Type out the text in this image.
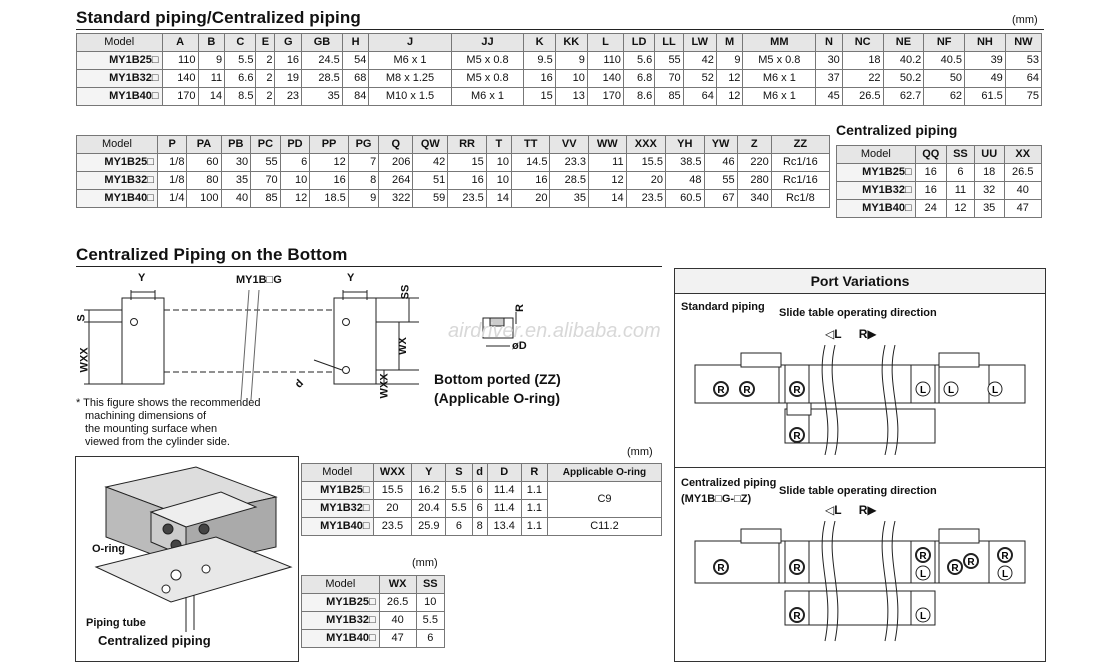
Standard piping/Centralized piping	(mm)
Model	A	B	C	E	G	GB	H	J	JJ	K	KK	L	LD	LL	LW	M	MM	N	NC	NE	NF	NH	NW
MY1B25□	110	9	5.5	2	16	24.5	54	M6 x 1	M5 x 0.8	9.5	9	110	5.6	55	42	9	M5 x 0.8	30	18	40.2	40.5	39	53
MY1B32□	140	11	6.6	2	19	28.5	68	M8 x 1.25	M5 x 0.8	16	10	140	6.8	70	52	12	M6 x 1	37	22	50.2	50	49	64
MY1B40□	170	14	8.5	2	23	35	84	M10 x 1.5	M6 x 1	15	13	170	8.6	85	64	12	M6 x 1	45	26.5	62.7	62	61.5	75
Model	P	PA	PB	PC	PD	PP	PG	Q	QW	RR	T	TT	VV	WW	XXX	YH	YW	Z	ZZ
MY1B25□	1/8	60	30	55	6	12	7	206	42	15	10	14.5	23.3	11	15.5	38.5	46	220	Rc1/16
MY1B32□	1/8	80	35	70	10	16	8	264	51	16	10	16	28.5	12	20	48	55	280	Rc1/16
MY1B40□	1/4	100	40	85	12	18.5	9	322	59	23.5	14	20	35	14	23.5	60.5	67	340	Rc1/8
Centralized piping
Model	QQ	SS	UU	XX
MY1B25□	16	6	18	26.5
MY1B32□	16	11	32	40
MY1B40□	24	12	35	47
Centralized Piping on the Bottom
Y	MY1B□G	Y
SS
S
WXX
WX
WXX
d
R
øD
Bottom ported (ZZ)
(Applicable O-ring)
* This figure shows the recommended
machining dimensions of
the mounting surface when
viewed from the cylinder side.
O-ring
Piping tube
Centralized piping
(mm)
Model	WXX	Y	S	d	D	R	Applicable O-ring
MY1B25□	15.5	16.2	5.5	6	11.4	1.1	C9
MY1B32□	20	20.4	5.5	6	11.4	1.1	
MY1B40□	23.5	25.9	6	8	13.4	1.1	C11.2
(mm)
Model	WX	SS
MY1B25□	26.5	10
MY1B32□	40	5.5
MY1B40□	47	6
airdriver.en.alibaba.com
Port Variations
Standard piping Slide table operating direction
◁L R▶
R R	R	L L	L
R
Centralized piping
(MY1B□G-□Z)
Slide table operating direction
◁L R▶
R	R
R
L
R
R
R
L
R	L
